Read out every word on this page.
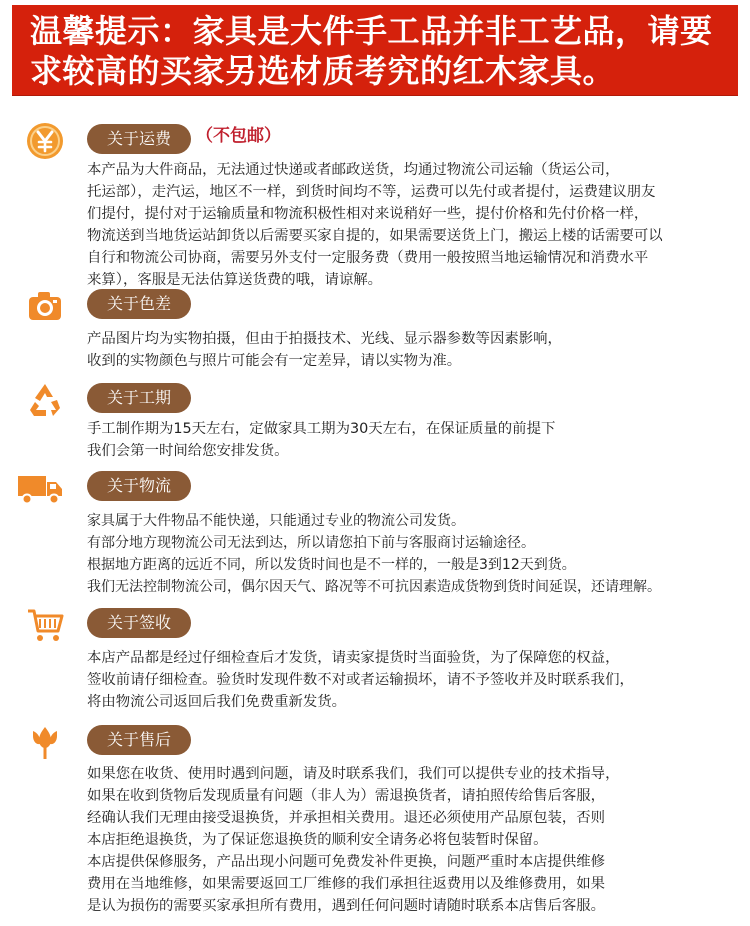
温馨提示：家具是大件手工品并非工艺品，请要
求较高的买家另选材质考究的红木家具。
关于运费	（不包邮）
本产品为大件商品，无法通过快递或者邮政送货，均通过物流公司运输（货运公司，
托运部），走汽运，地区不一样，到货时间均不等，运费可以先付或者提付，运费建议朋友
们提付，提付对于运输质量和物流积极性相对来说稍好一些，提付价格和先付价格一样，
物流送到当地货运站卸货以后需要买家自提的，如果需要送货上门，搬运上楼的话需要可以
自行和物流公司协商，需要另外支付一定服务费（费用一般按照当地运输情况和消费水平
来算），客服是无法估算送货费的哦，请谅解。
关于色差
产品图片均为实物拍摄，但由于拍摄技术、光线、显示器参数等因素影响，
收到的实物颜色与照片可能会有一定差异，请以实物为准。
关于工期
手工制作期为15天左右，定做家具工期为30天左右，在保证质量的前提下
我们会第一时间给您安排发货。
关于物流
家具属于大件物品不能快递，只能通过专业的物流公司发货。
有部分地方现物流公司无法到达，所以请您拍下前与客服商讨运输途径。
根据地方距离的远近不同，所以发货时间也是不一样的，一般是3到12天到货。
我们无法控制物流公司，偶尔因天气、路况等不可抗因素造成货物到货时间延误，还请理解。
关于签收
本店产品都是经过仔细检查后才发货，请卖家提货时当面验货，为了保障您的权益，
签收前请仔细检查。验货时发现件数不对或者运输损坏，请不予签收并及时联系我们，
将由物流公司返回后我们免费重新发货。
关于售后
如果您在收货、使用时遇到问题，请及时联系我们，我们可以提供专业的技术指导，
如果在收到货物后发现质量有问题（非人为）需退换货者，请拍照传给售后客服，
经确认我们无理由接受退换货，并承担相关费用。退还必须使用产品原包装，否则
本店拒绝退换货，为了保证您退换货的顺利安全请务必将包装暂时保留。
本店提供保修服务，产品出现小问题可免费发补件更换，问题严重时本店提供维修
费用在当地维修，如果需要返回工厂维修的我们承担往返费用以及维修费用，如果
是认为损伤的需要买家承担所有费用，遇到任何问题时请随时联系本店售后客服。
